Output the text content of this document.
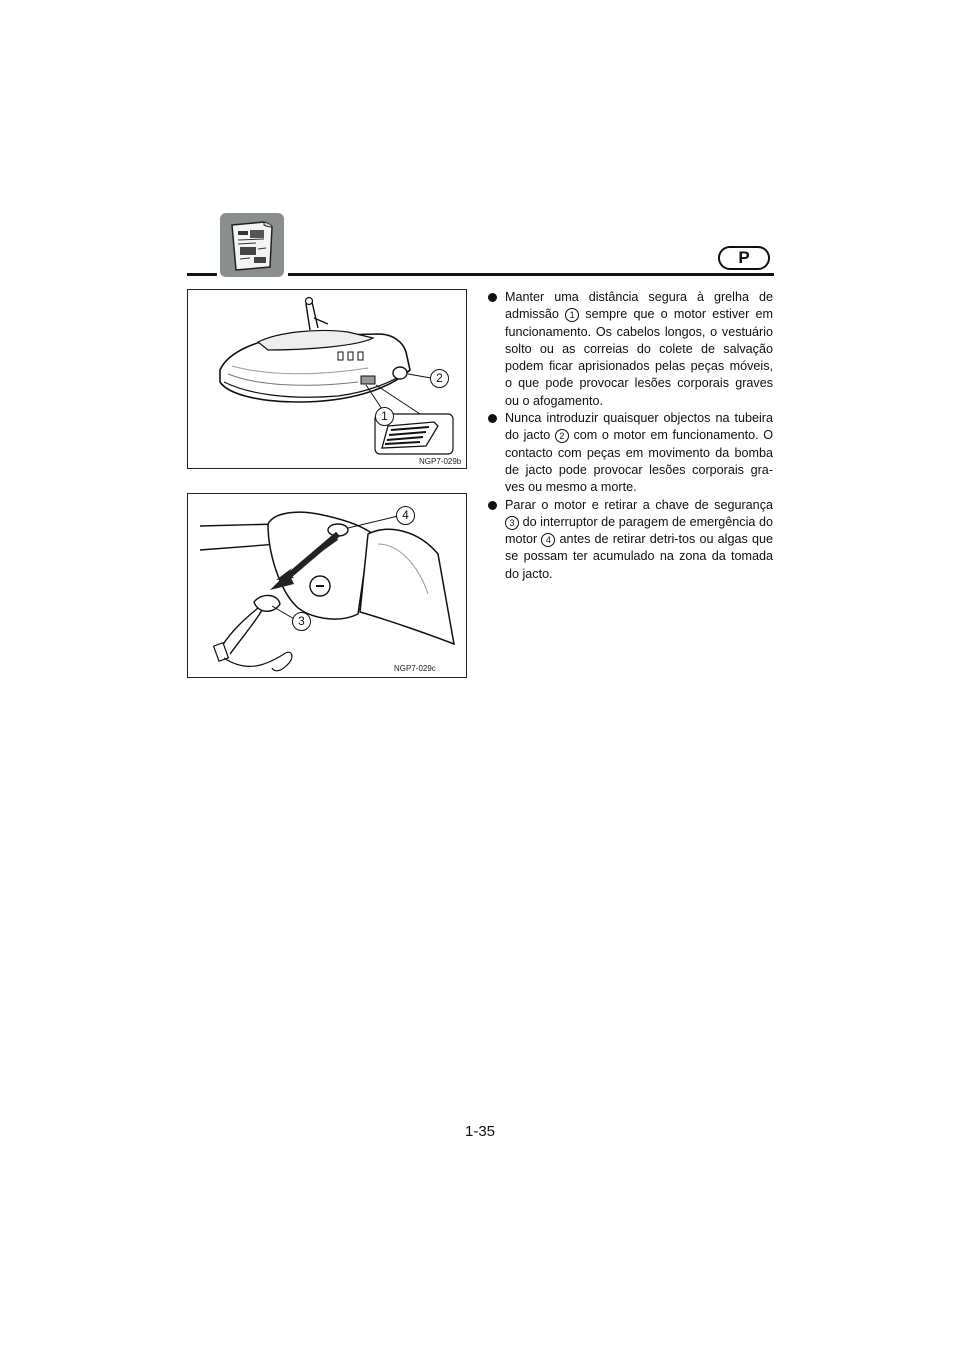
P
1
2
NGP7-029b
3
4
NGP7-029c

Manter uma distância segura à grelha de admissão 1 sempre que o motor estiver em funcionamento. Os cabelos longos, o vestuário solto ou as correias do colete de salvação podem ficar aprisionados pelas peças móveis, o que pode provocar lesões corporais graves ou o afogamento.

Nunca introduzir quaisquer objectos na tubeira do jacto 2 com o motor em funcionamento. O contacto com peças em movimento da bomba de jacto pode provocar lesões corporais gra-ves ou mesmo a morte.

Parar o motor e retirar a chave de segurança 3 do interruptor de paragem de emergência do motor 4 antes de retirar detri-tos ou algas que se possam ter acumulado na zona da tomada do jacto.

1-35
